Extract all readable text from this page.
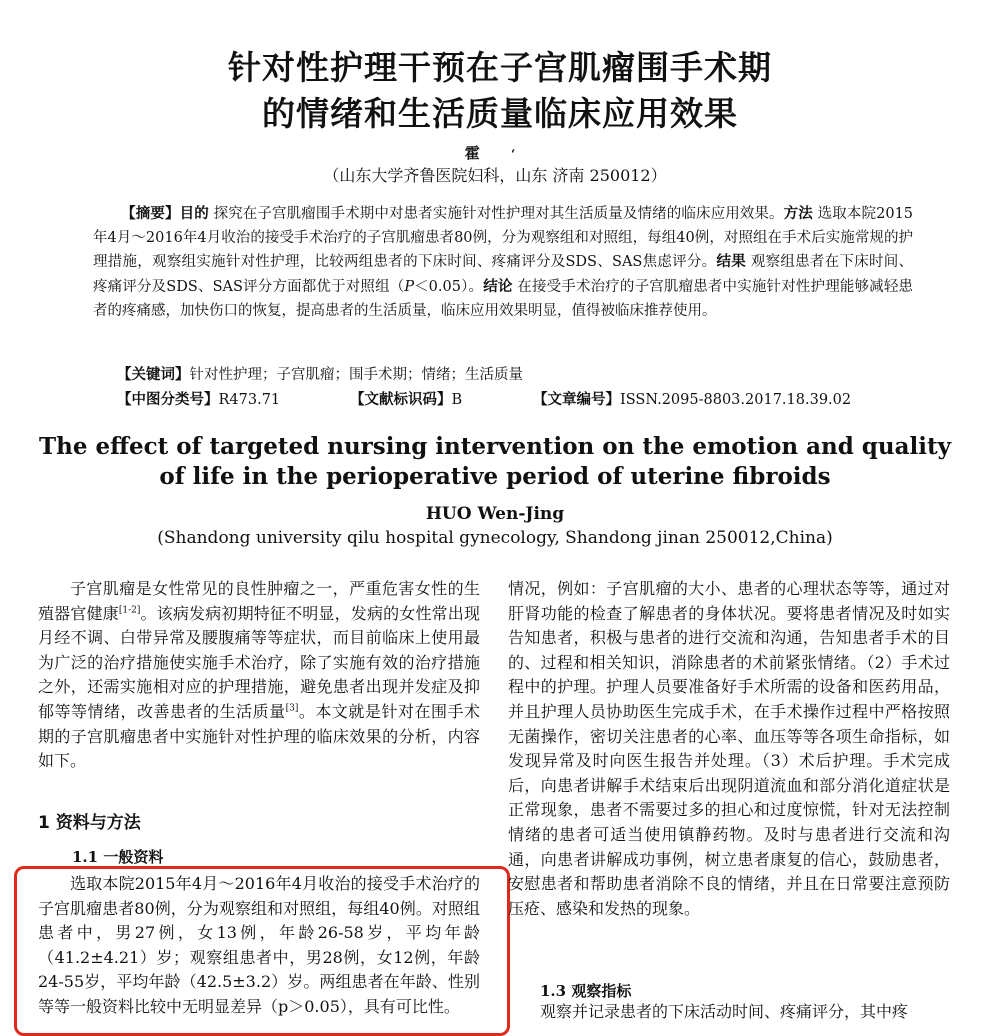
针对性护理干预在子宫肌瘤围手术期
的情绪和生活质量临床应用效果
霍	ʻ
（山东大学齐鲁医院妇科，山东 济南 250012）
【摘要】目的 探究在子宫肌瘤围手术期中对患者实施针对性护理对其生活质量及情绪的临床应用效果。方法 选取本院2015年4月～2016年4月收治的接受手术治疗的子宫肌瘤患者80例，分为观察组和对照组，每组40例，对照组在手术后实施常规的护理措施，观察组实施针对性护理，比较两组患者的下床时间、疼痛评分及SDS、SAS焦虑评分。结果 观察组患者在下床时间、疼痛评分及SDS、SAS评分方面都优于对照组（P＜0.05）。结论 在接受手术治疗的子宫肌瘤患者中实施针对性护理能够减轻患者的疼痛感，加快伤口的恢复，提高患者的生活质量，临床应用效果明显，值得被临床推荐使用。
【关键词】针对性护理；子宫肌瘤；围手术期；情绪；生活质量
【中图分类号】R473.71	【文献标识码】B	【文章编号】ISSN.2095-8803.2017.18.39.02
The effect of targeted nursing intervention on the emotion and quality
of life in the perioperative period of uterine fibroids
HUO Wen-Jing
(Shandong university qilu hospital gynecology, Shandong jinan 250012,China)
子宫肌瘤是女性常见的良性肿瘤之一，严重危害女性的生殖器官健康[1-2]。该病发病初期特征不明显，发病的女性常出现月经不调、白带异常及腰腹痛等等症状，而目前临床上使用最为广泛的治疗措施使实施手术治疗，除了实施有效的治疗措施之外，还需实施相对应的护理措施，避免患者出现并发症及抑郁等等情绪，改善患者的生活质量[3]。本文就是针对在围手术期的子宫肌瘤患者中实施针对性护理的临床效果的分析，内容如下。
1 资料与方法
1.1 一般资料
选取本院2015年4月～2016年4月收治的接受手术治疗的子宫肌瘤患者80例，分为观察组和对照组，每组40例。对照组患者中，男27例，女13例，年龄26-58岁，平均年龄（41.2±4.21）岁；观察组患者中，男28例，女12例，年龄24-55岁，平均年龄（42.5±3.2）岁。两组患者在年龄、性别等等一般资料比较中无明显差异（p＞0.05），具有可比性。
情况，例如：子宫肌瘤的大小、患者的心理状态等等，通过对肝肾功能的检查了解患者的身体状况。要将患者情况及时如实告知患者，积极与患者的进行交流和沟通，告知患者手术的目的、过程和相关知识，消除患者的术前紧张情绪。（2）手术过程中的护理。护理人员要准备好手术所需的设备和医药用品，并且护理人员协助医生完成手术，在手术操作过程中严格按照无菌操作，密切关注患者的心率、血压等等各项生命指标，如发现异常及时向医生报告并处理。（3）术后护理。手术完成后，向患者讲解手术结束后出现阴道流血和部分消化道症状是正常现象，患者不需要过多的担心和过度惊慌，针对无法控制情绪的患者可适当使用镇静药物。及时与患者进行交流和沟通，向患者讲解成功事例，树立患者康复的信心，鼓励患者，安慰患者和帮助患者消除不良的情绪，并且在日常要注意预防压疮、感染和发热的现象。
1.3 观察指标
观察并记录患者的下床活动时间、疼痛评分，其中疼
